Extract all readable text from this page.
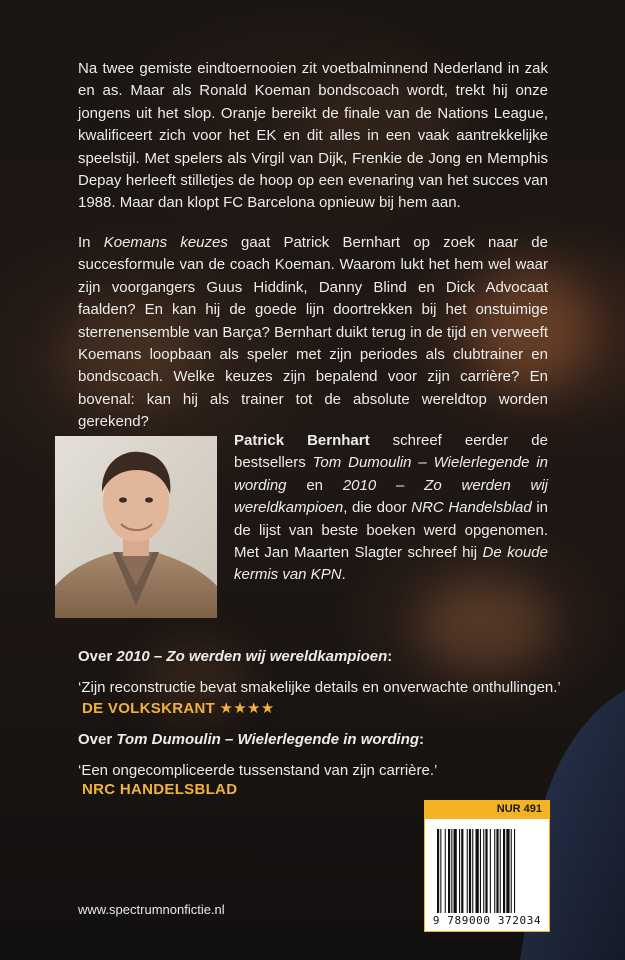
Na twee gemiste eindtoernooien zit voetbalminnend Nederland in zak en as. Maar als Ronald Koeman bondscoach wordt, trekt hij onze jongens uit het slop. Oranje bereikt de finale van de Nations League, kwalificeert zich voor het EK en dit alles in een vaak aantrekkelijke speelstijl. Met spelers als Virgil van Dijk, Frenkie de Jong en Memphis Depay herleeft stilletjes de hoop op een evenaring van het succes van 1988. Maar dan klopt FC Barcelona opnieuw bij hem aan.

In Koemans keuzes gaat Patrick Bernhart op zoek naar de succesformule van de coach Koeman. Waarom lukt het hem wel waar zijn voorgangers Guus Hiddink, Danny Blind en Dick Advocaat faalden? En kan hij de goede lijn doortrekken bij het onstuimige sterrenensemble van Barça? Bernhart duikt terug in de tijd en verweeft Koemans loopbaan als speler met zijn periodes als clubtrainer en bondscoach. Welke keuzes zijn bepalend voor zijn carrière? En bovenal: kan hij als trainer tot de absolute wereldtop worden gerekend?

Patrick Bernhart schreef eerder de bestsellers Tom Dumoulin – Wielerlegende in wording en 2010 – Zo werden wij wereldkampioen, die door NRC Handelsblad in de lijst van beste boeken werd opgenomen. Met Jan Maarten Slagter schreef hij De koude kermis van KPN.

Over 2010 – Zo werden wij wereldkampioen:

‘Zijn reconstructie bevat smakelijke details en onverwachte onthullingen.’

DE VOLKSKRANT ★★★★

Over Tom Dumoulin – Wielerlegende in wording:

‘Een ongecompliceerde tussenstand van zijn carrière.’

NRC HANDELSBLAD

NUR 491
9 789000 372034

www.spectrumnonfictie.nl
